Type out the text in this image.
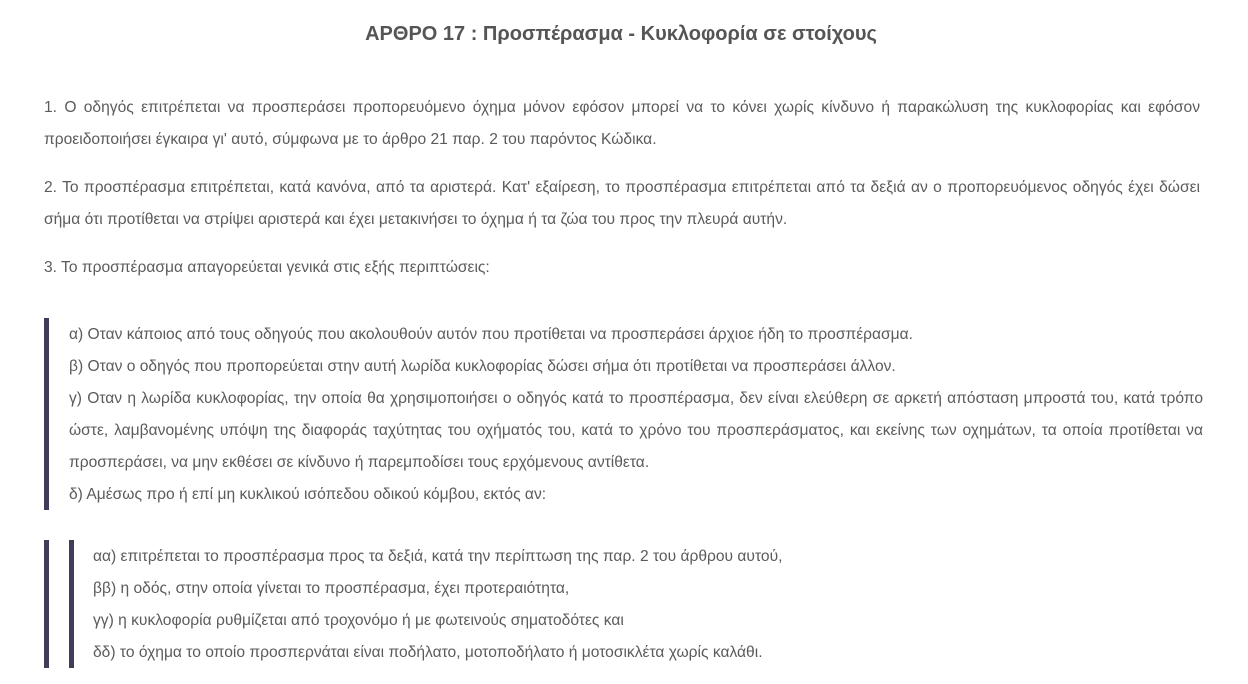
ΑΡΘΡΟ 17 : Προσπέρασμα - Κυκλοφορία σε στοίχους

1. Ο οδηγός επιτρέπεται να προσπεράσει προπορευόμενο όχημα μόνον εφόσον μπορεί να το κόνει χωρίς κίνδυνο ή παρακώλυση της κυκλοφορίας και εφόσον προειδοποιήσει έγκαιρα γι' αυτό, σύμφωνα με το άρθρο 21 παρ. 2 του παρόντος Κώδικα.

2. Το προσπέρασμα επιτρέπεται, κατά κανόνα, από τα αριστερά. Κατ' εξαίρεση, το προσπέρασμα επιτρέπεται από τα δεξιά αν ο προπορευόμενος οδηγός έχει δώσει σήμα ότι προτίθεται να στρίψει αριστερά και έχει μετακινήσει το όχημα ή τα ζώα του προς την πλευρά αυτήν.

3. Το προσπέρασμα απαγορεύεται γενικά στις εξής περιπτώσεις:

α) Οταν κάποιος από τους οδηγούς που ακολουθούν αυτόν που προτίθεται να προσπεράσει άρχιοε ήδη το προσπέρασμα.

β) Οταν ο οδηγός που προπορεύεται στην αυτή λωρίδα κυκλοφορίας δώσει σήμα ότι προτίθεται να προσπεράσει άλλον.

γ) Οταν η λωρίδα κυκλοφορίας, την οποία θα χρησιμοποιήσει ο οδηγός κατά το προσπέρασμα, δεν είναι ελεύθερη σε αρκετή απόσταση μπροστά του, κατά τρόπο ώστε, λαμβανομένης υπόψη της διαφοράς ταχύτητας του οχήματός του, κατά το χρόνο του προσπεράσματος, και εκείνης των οχημάτων, τα οποία προτίθεται να προσπεράσει, να μην εκθέσει σε κίνδυνο ή παρεμποδίσει τους ερχόμενους αντίθετα.

δ) Αμέσως προ ή επί μη κυκλικού ισόπεδου οδικού κόμβου, εκτός αν:

αα) επιτρέπεται το προσπέρασμα προς τα δεξιά, κατά την περίπτωση της παρ. 2 του άρθρου αυτού,

ββ) η οδός, στην οποία γίνεται το προσπέρασμα, έχει προτεραιότητα,

γγ) η κυκλοφορία ρυθμίζεται από τροχονόμο ή με φωτεινούς σηματοδότες και

δδ) το όχημα το οποίο προσπερνάται είναι ποδήλατο, μοτοποδήλατο ή μοτοσικλέτα χωρίς καλάθι.
